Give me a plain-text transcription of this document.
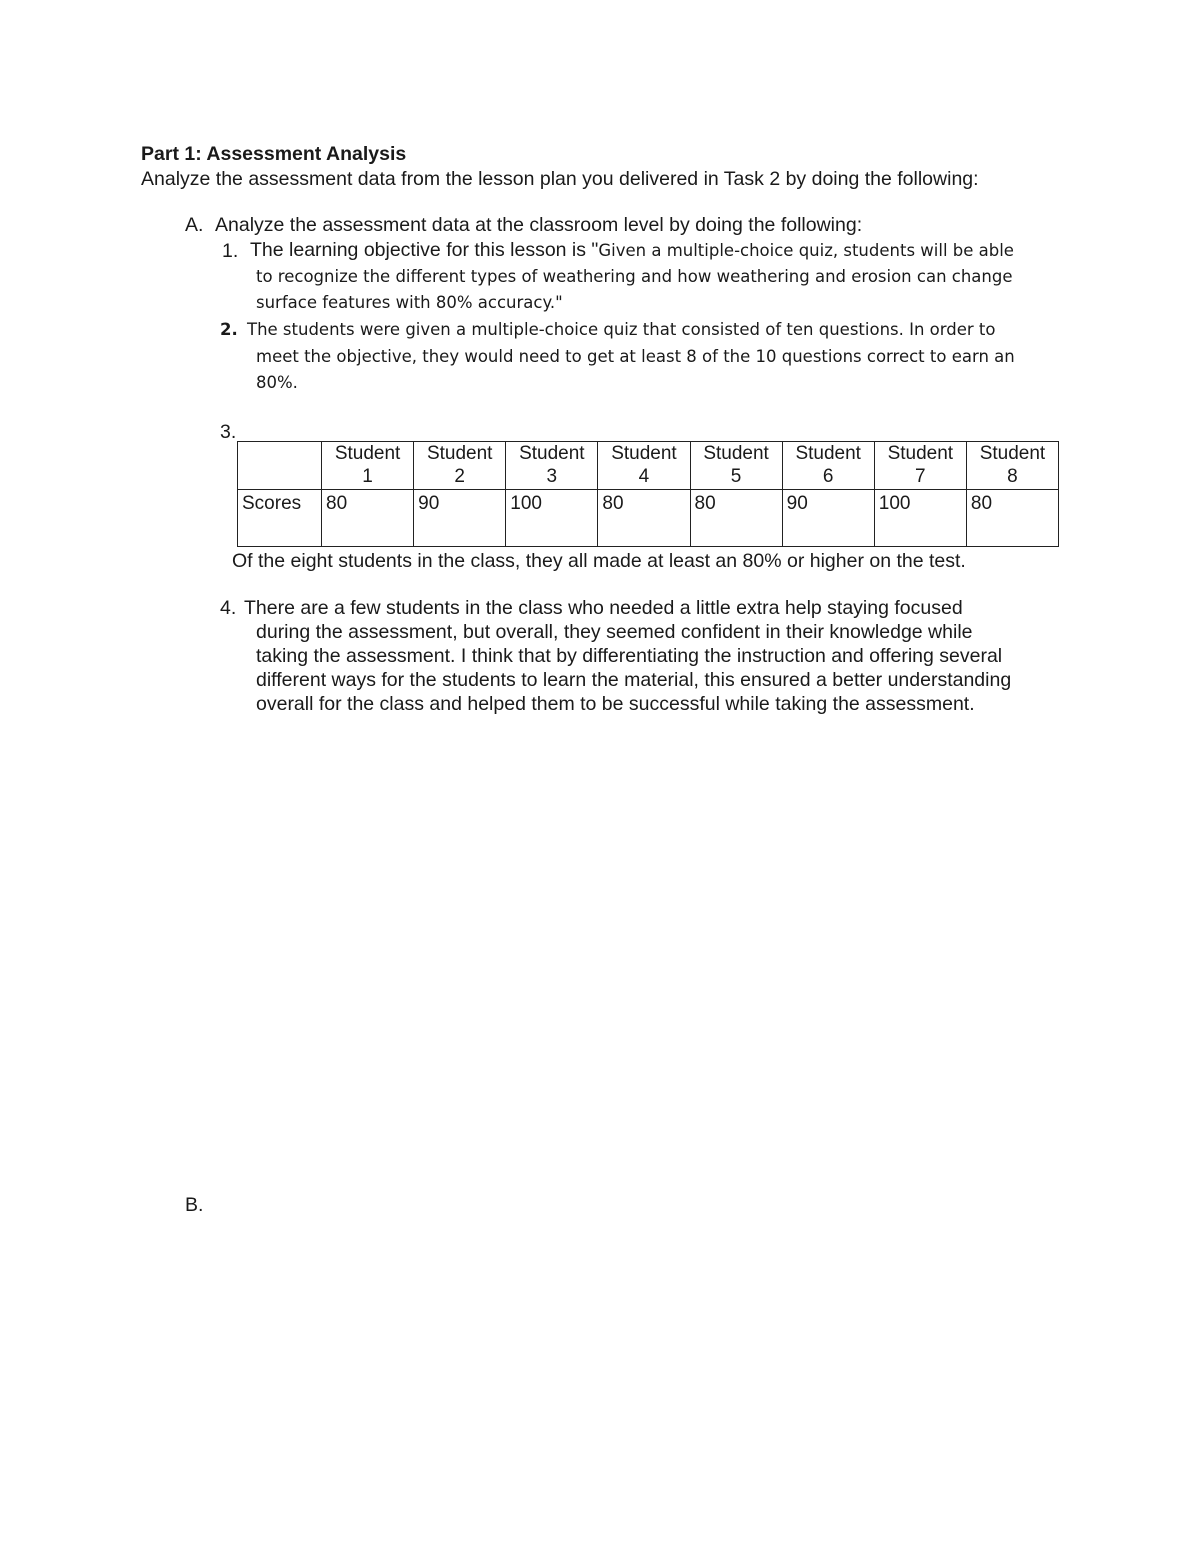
Part 1: Assessment Analysis
Analyze the assessment data from the lesson plan you delivered in Task 2 by doing the following:
A. Analyze the assessment data at the classroom level by doing the following:
1. The learning objective for this lesson is "Given a multiple-choice quiz, students will be able
to recognize the different types of weathering and how weathering and erosion can change
surface features with 80% accuracy."
2. The students were given a multiple-choice quiz that consisted of ten questions. In order to
meet the objective, they would need to get at least 8 of the 10 questions correct to earn an
80%.
3.

	Student
1	Student
2	Student
3	Student
4	Student
5	Student
6	Student
7	Student
8

Scores	80	90	100	80	80	90	100	80
Of the eight students in the class, they all made at least an 80% or higher on the test.
4. There are a few students in the class who needed a little extra help staying focused
during the assessment, but overall, they seemed confident in their knowledge while
taking the assessment. I think that by differentiating the instruction and offering several
different ways for the students to learn the material, this ensured a better understanding
overall for the class and helped them to be successful while taking the assessment.
B.
